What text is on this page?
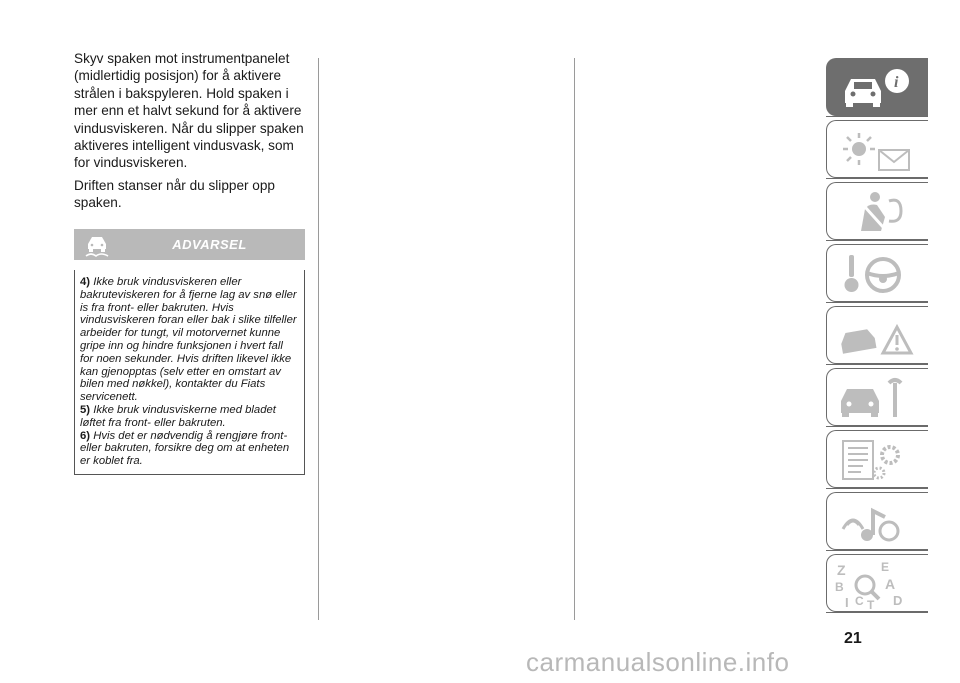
Skyv spaken mot instrumentpanelet (midlertidig posisjon) for å aktivere strålen i bakspyleren. Hold spaken i mer enn et halvt sekund for å aktivere vindusviskeren. Når du slipper spaken aktiveres intelligent vindusvask, som for vindusviskeren.

Driften stanser når du slipper opp spaken.

ADVARSEL

4) Ikke bruk vindusviskeren eller bakruteviskeren for å fjerne lag av snø eller is fra front- eller bakruten. Hvis vindusviskeren foran eller bak i slike tilfeller arbeider for tungt, vil motorvernet kunne gripe inn og hindre funksjonen i hvert fall for noen sekunder. Hvis driften likevel ikke kan gjenopptas (selv etter en omstart av bilen med nøkkel), kontakter du Fiats servicenett.

5) Ikke bruk vindusviskerne med bladet løftet fra front- eller bakruten.

6) Hvis det er nødvendig å rengjøre front- eller bakruten, forsikre deg om at enheten er koblet fra.

i
Z	E
B	A
I C T D
21
carmanualsonline.info
